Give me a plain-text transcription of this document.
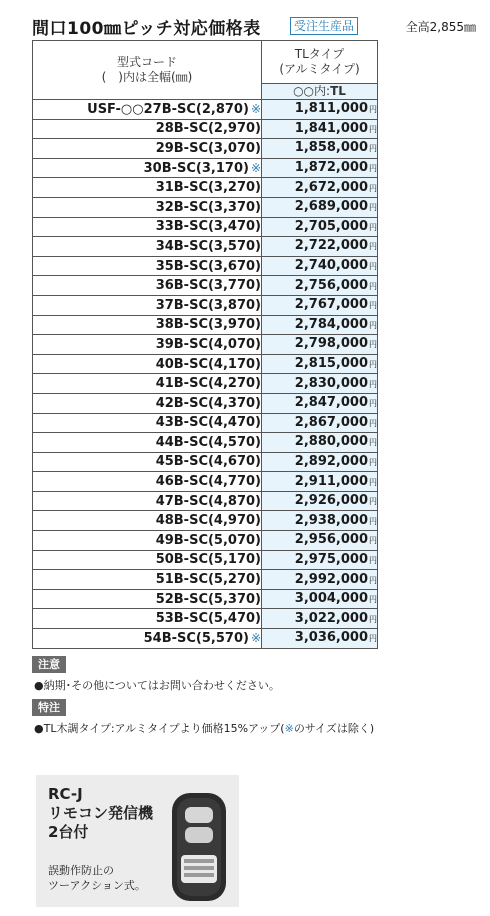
間口100㎜ピッチ対応価格表	受注生産品	全高2,855㎜
型式コード
(　)内は全幅(㎜)	TLタイプ
(アルミタイプ)

	○○内:TL
USF-○○27B-SC(2,870) ※	1,811,000円
28B-SC(2,970)	1,841,000円
29B-SC(3,070)	1,858,000円
30B-SC(3,170) ※	1,872,000円
31B-SC(3,270)	2,672,000円
32B-SC(3,370)	2,689,000円
33B-SC(3,470)	2,705,000円
34B-SC(3,570)	2,722,000円
35B-SC(3,670)	2,740,000円
36B-SC(3,770)	2,756,000円
37B-SC(3,870)	2,767,000円
38B-SC(3,970)	2,784,000円
39B-SC(4,070)	2,798,000円
40B-SC(4,170)	2,815,000円
41B-SC(4,270)	2,830,000円
42B-SC(4,370)	2,847,000円
43B-SC(4,470)	2,867,000円
44B-SC(4,570)	2,880,000円
45B-SC(4,670)	2,892,000円
46B-SC(4,770)	2,911,000円
47B-SC(4,870)	2,926,000円
48B-SC(4,970)	2,938,000円
49B-SC(5,070)	2,956,000円
50B-SC(5,170)	2,975,000円
51B-SC(5,270)	2,992,000円
52B-SC(5,370)	3,004,000円
53B-SC(5,470)	3,022,000円
54B-SC(5,570) ※	3,036,000円
注意
●納期･その他についてはお問い合わせください。
特注
●TL木調タイプ:アルミタイプより価格15%アップ(※のサイズは除く)
RC-J
リモコン発信機
2台付
誤動作防止の
ツーアクション式。
